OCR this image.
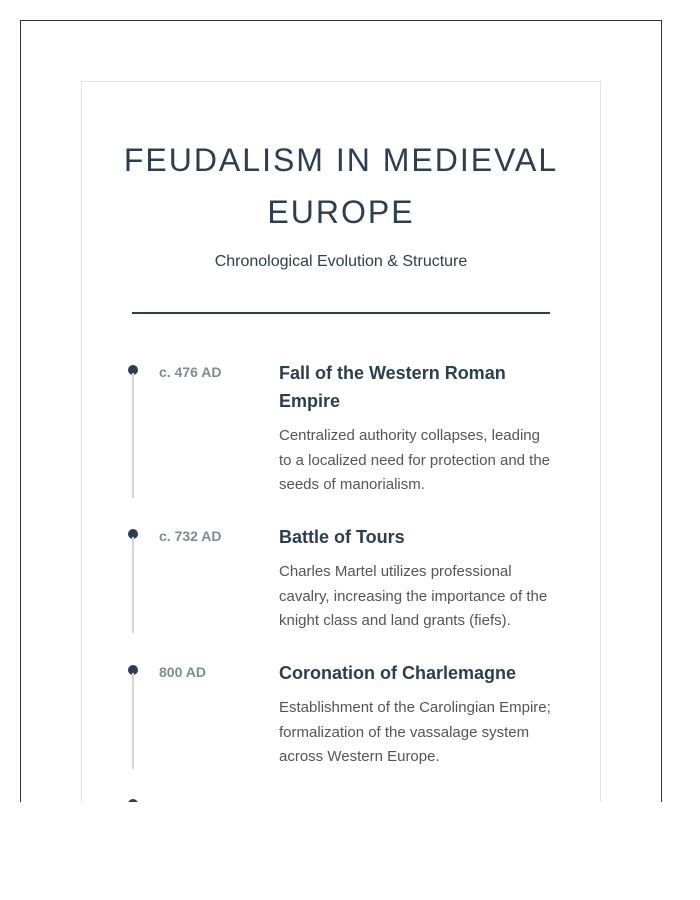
FEUDALISM IN MEDIEVAL EUROPE
Chronological Evolution & Structure
c. 476 AD	Fall of the Western Roman Empire
Centralized authority collapses, leading to a localized need for protection and the seeds of manorialism.
c. 732 AD	Battle of Tours
Charles Martel utilizes professional cavalry, increasing the importance of the knight class and land grants (fiefs).
800 AD	Coronation of Charlemagne
Establishment of the Carolingian Empire; formalization of the vassalage system across Western Europe.
